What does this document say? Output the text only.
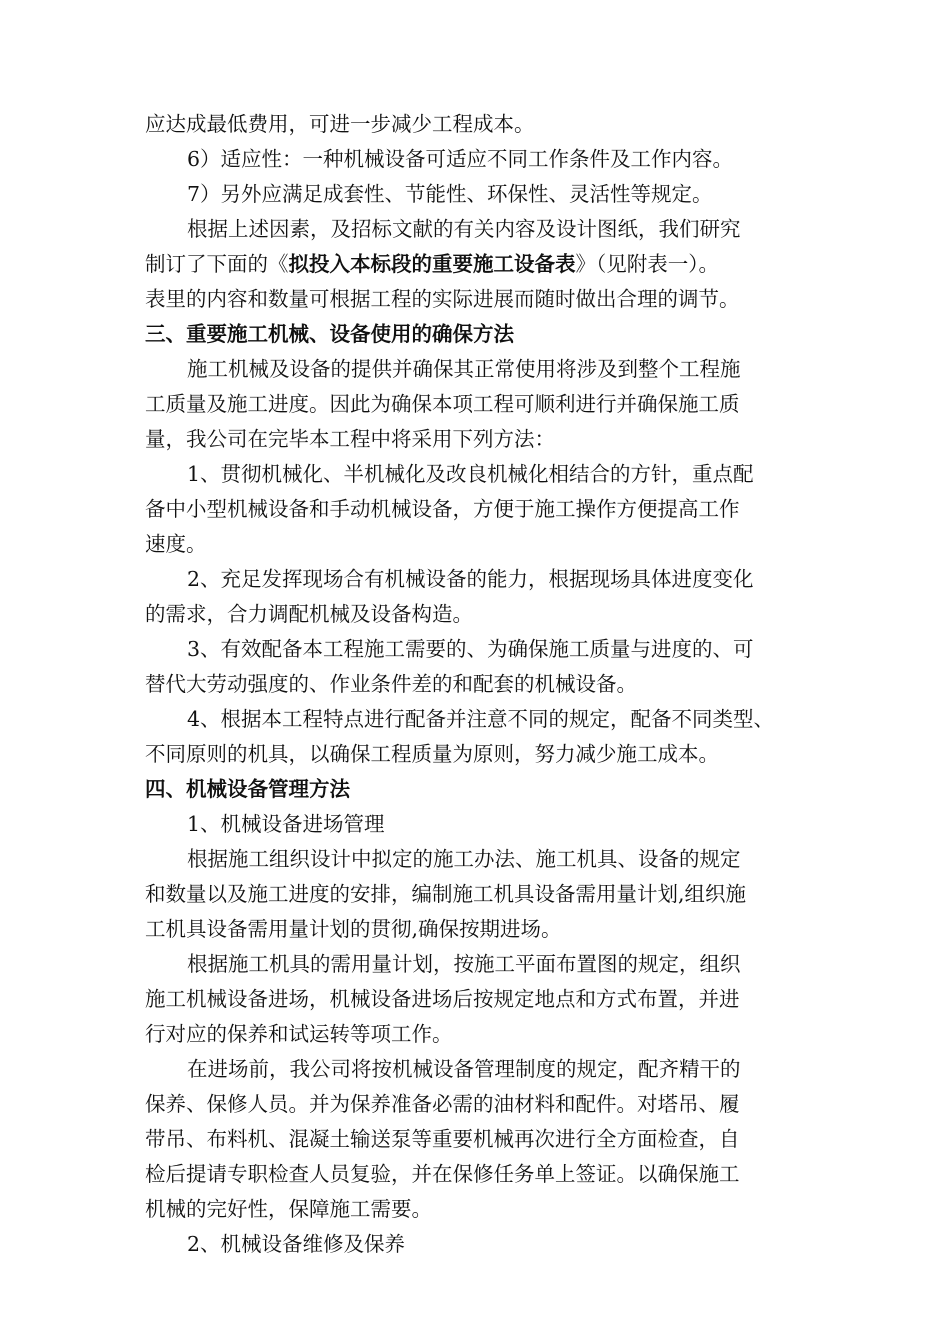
应达成最低费用，可进一步减少工程成本。
6）适应性：一种机械设备可适应不同工作条件及工作内容。
7）另外应满足成套性、节能性、环保性、灵活性等规定。
根据上述因素，及招标文献的有关内容及设计图纸，我们研究
制订了下面的《拟投入本标段的重要施工设备表》（见附表一）。
表里的内容和数量可根据工程的实际进展而随时做出合理的调节。
三、重要施工机械、设备使用的确保方法
施工机械及设备的提供并确保其正常使用将涉及到整个工程施
工质量及施工进度。因此为确保本项工程可顺利进行并确保施工质
量，我公司在完毕本工程中将采用下列方法：
1、贯彻机械化、半机械化及改良机械化相结合的方针，重点配
备中小型机械设备和手动机械设备，方便于施工操作方便提高工作
速度。
2、充足发挥现场合有机械设备的能力，根据现场具体进度变化
的需求，合力调配机械及设备构造。
3、有效配备本工程施工需要的、为确保施工质量与进度的、可
替代大劳动强度的、作业条件差的和配套的机械设备。
4、根据本工程特点进行配备并注意不同的规定，配备不同类型、
不同原则的机具，以确保工程质量为原则，努力减少施工成本。
四、机械设备管理方法
1、机械设备进场管理
根据施工组织设计中拟定的施工办法、施工机具、设备的规定
和数量以及施工进度的安排，编制施工机具设备需用量计划,组织施
工机具设备需用量计划的贯彻,确保按期进场。
根据施工机具的需用量计划，按施工平面布置图的规定，组织
施工机械设备进场，机械设备进场后按规定地点和方式布置，并进
行对应的保养和试运转等项工作。
在进场前，我公司将按机械设备管理制度的规定，配齐精干的
保养、保修人员。并为保养准备必需的油材料和配件。对塔吊、履
带吊、布料机、混凝土输送泵等重要机械再次进行全方面检查，自
检后提请专职检查人员复验，并在保修任务单上签证。以确保施工
机械的完好性，保障施工需要。
2、机械设备维修及保养
